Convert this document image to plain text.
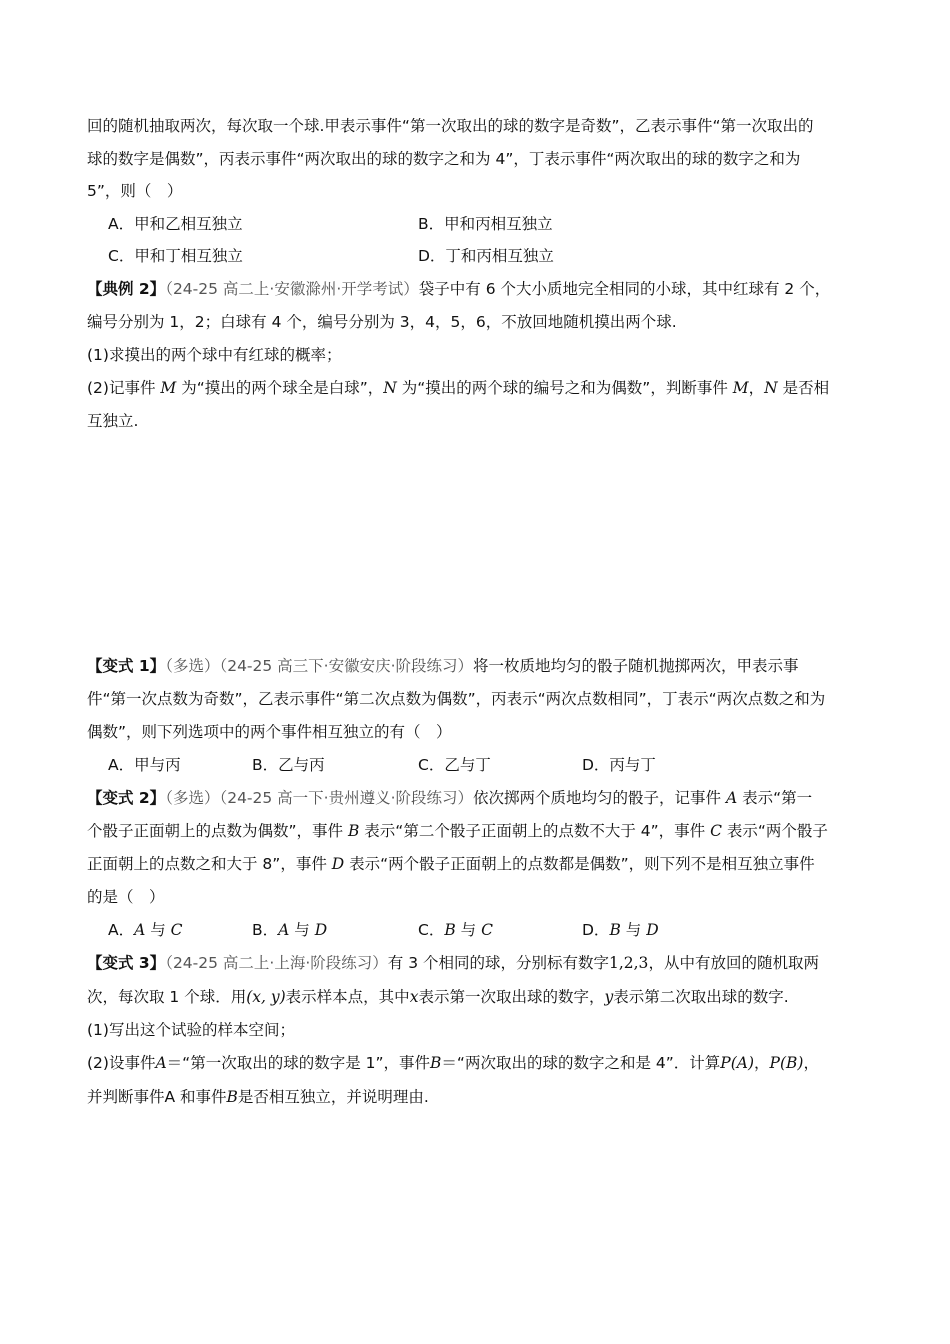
回的随机抽取两次，每次取一个球.甲表示事件“第一次取出的球的数字是奇数”，乙表示事件“第一次取出的
球的数字是偶数”，丙表示事件“两次取出的球的数字之和为 4”，丁表示事件“两次取出的球的数字之和为
5”，则（　）
A．甲和乙相互独立	B．甲和丙相互独立
C．甲和丁相互独立	D．丁和丙相互独立
【典例 2】（24-25 高二上·安徽滁州·开学考试）袋子中有 6 个大小质地完全相同的小球，其中红球有 2 个，
编号分别为 1，2；白球有 4 个，编号分别为 3，4，5，6，不放回地随机摸出两个球.
(1)求摸出的两个球中有红球的概率；
(2)记事件 M 为“摸出的两个球全是白球”，N 为“摸出的两个球的编号之和为偶数”，判断事件 M，N 是否相
互独立.
【变式 1】（多选）（24-25 高三下·安徽安庆·阶段练习）将一枚质地均匀的骰子随机抛掷两次，甲表示事
件“第一次点数为奇数”，乙表示事件“第二次点数为偶数”，丙表示“两次点数相同”，丁表示“两次点数之和为
偶数”，则下列选项中的两个事件相互独立的有（　）
A．甲与丙	B．乙与丙	C．乙与丁	D．丙与丁
【变式 2】（多选）（24-25 高一下·贵州遵义·阶段练习）依次掷两个质地均匀的骰子，记事件 A 表示“第一
个骰子正面朝上的点数为偶数”，事件 B 表示“第二个骰子正面朝上的点数不大于 4”，事件 C 表示“两个骰子
正面朝上的点数之和大于 8”，事件 D 表示“两个骰子正面朝上的点数都是偶数”，则下列不是相互独立事件
的是（　）
A．A 与 C	B．A 与 D	C．B 与 C	D．B 与 D
【变式 3】（24-25 高二上·上海·阶段练习）有 3 个相同的球，分别标有数字1,2,3，从中有放回的随机取两
次，每次取 1 个球．用(x, y)表示样本点，其中x表示第一次取出球的数字，y表示第二次取出球的数字.
(1)写出这个试验的样本空间；
(2)设事件A＝“第一次取出的球的数字是 1”，事件B＝“两次取出的球的数字之和是 4”．计算P(A)，P(B)，
并判断事件A 和事件B是否相互独立，并说明理由.
